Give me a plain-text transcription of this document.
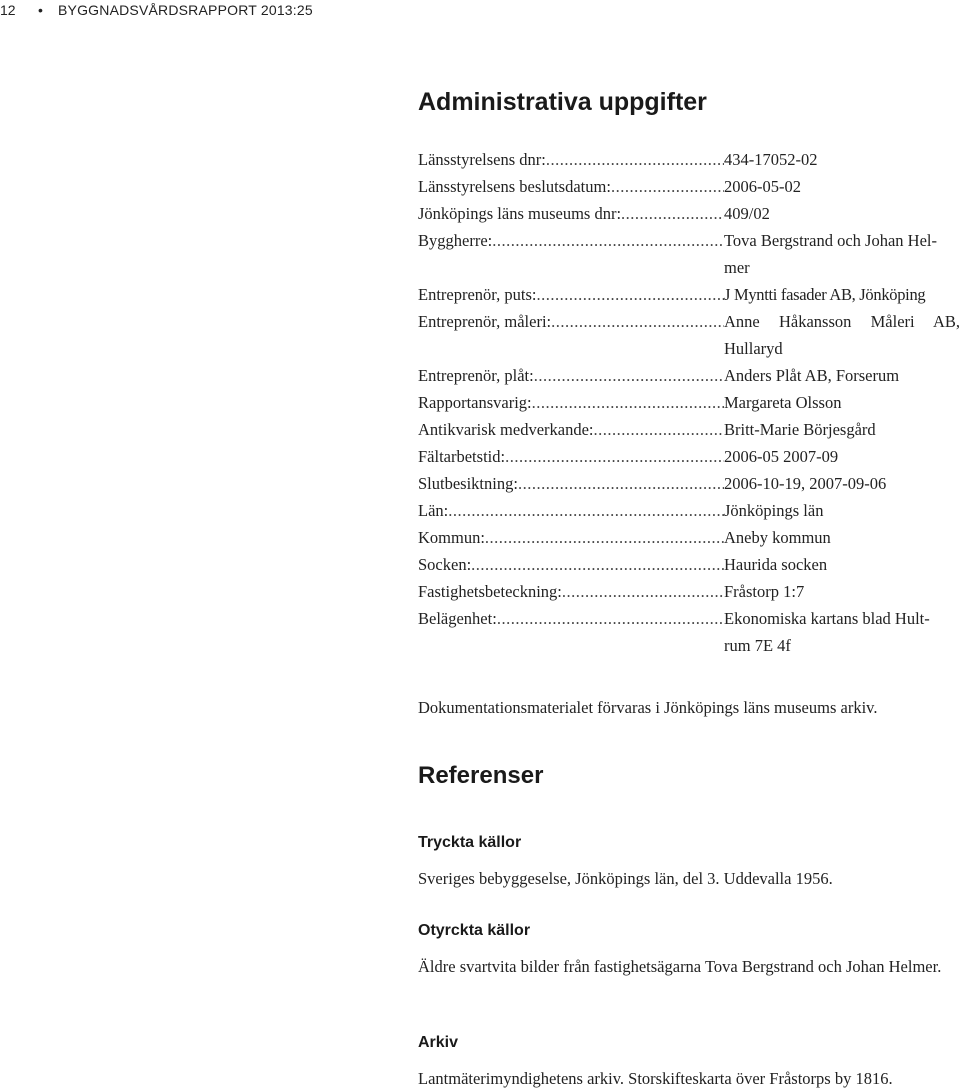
12 • BYGGNADSVÅRDSRAPPORT 2013:25
Administrativa uppgifter
Länsstyrelsens dnr: .....	434-17052-02
Länsstyrelsens beslutsdatum: .....	2006-05-02
Jönköpings läns museums dnr: .....	409/02
Byggherre: .....	Tova Bergstrand och Johan Hel-
mer
Entreprenör, puts: .....	J Myntti fasader AB, Jönköping
Entreprenör, måleri: .....	Anne Håkansson Måleri AB, Hullaryd
Entreprenör, plåt: .....	Anders Plåt AB, Forserum
Rapportansvarig: .....	Margareta Olsson
Antikvarisk medverkande: .....	Britt-Marie Börjesgård
Fältarbetstid: .....	2006-05 2007-09
Slutbesiktning: .....	2006-10-19, 2007-09-06
Län: .....	Jönköpings län
Kommun: .....	Aneby kommun
Socken: .....	Haurida socken
Fastighetsbeteckning: .....	Fråstorp 1:7
Belägenhet: .....	Ekonomiska kartans blad Hult-
rum 7E 4f
Dokumentationsmaterialet förvaras i Jönköpings läns museums arkiv.
Referenser
Tryckta källor
Sveriges bebyggeselse, Jönköpings län, del 3. Uddevalla 1956.
Otyrckta källor
Äldre svartvita bilder från fastighetsägarna Tova Bergstrand och Johan Helmer.
Arkiv
Lantmäterimyndighetens arkiv. Storskifteskarta över Fråstorps by 1816.
